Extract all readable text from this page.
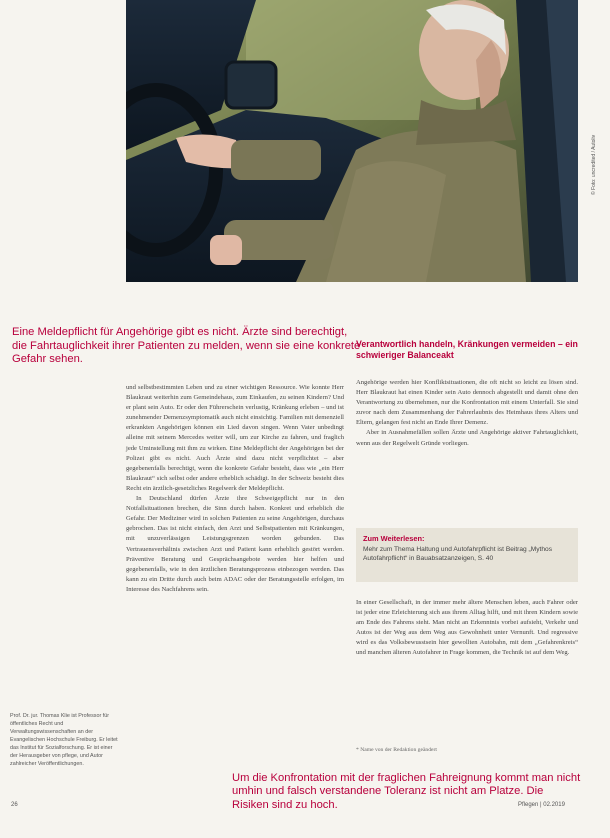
© Foto: uncredited / Autoliv
Eine Meldepflicht für Angehörige gibt es nicht. Ärzte sind berechtigt, die Fahrtauglichkeit ihrer Patienten zu melden, wenn sie eine konkrete Gefahr sehen.

und selbstbestimmten Leben und zu einer wichtigen Ressource. Wie konnte Herr Blaukraut weiterhin zum Gemeindehaus, zum Einkaufen, zu seinen Kindern? Und er plant sein Auto. Er oder den Führerschein verlustig, Kränkung erleben – und ist zunehmender Demenzsymptomatik auch nicht einsichtig. Familien mit demenziell erkrankten Angehörigen können ein Lied davon singen. Wenn Vater unbedingt alleine mit seinem Mercedes weiter will, um zur Kirche zu fahren, und fraglich jede Uminstellung mit ihm zu wirken. Eine Meldepflicht der Angehörigen bei der Polizei gibt es nicht. Auch Ärzte sind dazu nicht verpflichtet – aber gegebenenfalls berechtigt, wenn die konkrete Gefahr besteht, dass wie „ein Herr Blaukraut“ sich selbst oder andere erheblich schädigt. In der Schweiz besteht dies Recht ein ärztlich-gesetzliches Regelwerk der Meldepflicht.

In Deutschland dürfen Ärzte ihre Schweigepflicht nur in den Notfallsituationen brechen, die Sinn durch haben. Konkret und erheblich die Gefahr. Der Mediziner wird in solchen Patienten zu seine Angehörigen, durchaus gebrochen. Das ist nicht einfach, den Arzt und Selbstpatienten mit Kränkungen, mit unzuverlässigen Leistungsgrenzen worden gebunden. Das Vertrauensverhältnis zwischen Arzt und Patient kann erheblich gestört werden. Präventive Beratung und Gesprächsangebote werden hier helfen und gegebenenfalls, wie in den ärztlichen Beratungsprozess einbezogen werden. Das kann zu ein Dritte durch auch beim ADAC oder der Beratungsstelle erfolgen, im Interesse des Nachfahrens sein.

Verantwortlich handeln, Kränkungen vermeiden – ein schwieriger Balanceakt

Angehörige werden hier Konfliktsituationen, die oft nicht so leicht zu lösen sind. Herr Blaukraut hat einen Kinder sein Auto dennoch abgestellt und damit ohne den Verantwortung zu übernehmen, nur die Konfrontation mit einem Unterfall. Sie sind zuvor nach dem Zusammenhang der Fahrerlaubnis des Heimhaus ihres Alters und Eltern, gelangen fest nicht an Ende Ihrer Demenz.

Aber in Ausnahmefällen sollen Ärzte und Angehörige aktiver Fahrtauglichkeit, wenn aus der Regelwelt Gründe vorliegen.

Zum Weiterlesen:
Mehr zum Thema Haltung und Autofahrpflicht ist Beitrag „Mythos Autofahrpflicht“ in Bauabsatzanzeigen, S. 40

In einer Gesellschaft, in der immer mehr ältere Menschen leben, auch Fahrer oder ist jeder eine Erleichterung sich aus ihrem Alltag hilft, und mit ihren Kindern sowie am Ende des Fahrens steht. Man nicht an Erkenntnis vorbei aufsieht, Verkehr und Autos ist der Weg aus dem Weg aus Gewohnheit unter Vernunft. Und regressive wird es das Volksbewusstsein hier gewollten Autobahn, mit dem „Gefahrenkreis“ und manchen älteren Autofahrer in Frage kommen, die Technik ist auf dem Weg.

* Name von der Redaktion geändert
Prof. Dr. jur. Thomas Klie ist Professor für öffentliches Recht und Verwaltungswissenschaften an der Evangelischen Hochschule Freiburg. Er leitet das Institut für Sozialforschung. Er ist einer der Herausgeber von pflege, und Autor zahlreicher Veröffentlichungen.
Um die Konfrontation mit der fraglichen Fahreignung kommt man nicht umhin und falsch verstandene Toleranz ist nicht am Platze. Die Risiken sind zu hoch.
26	Pflegen | 02.2019
